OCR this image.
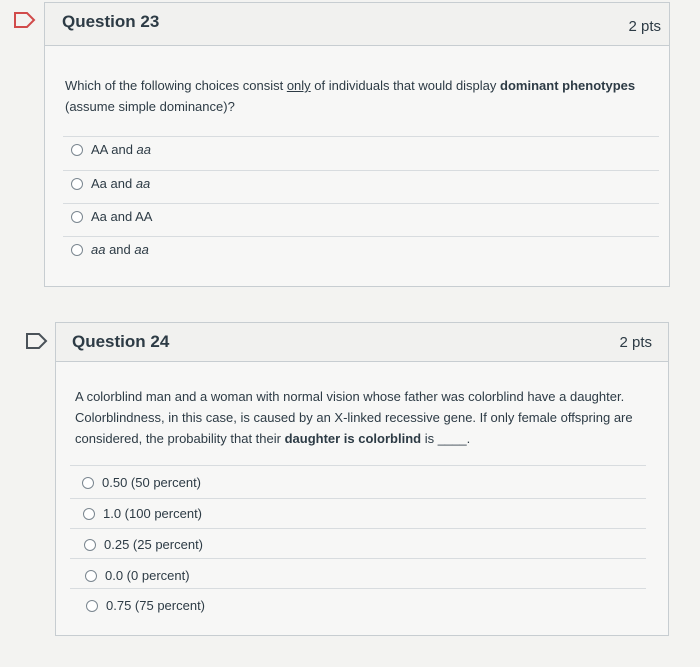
Question 23	2 pts
Which of the following choices consist only of individuals that would display dominant phenotypes (assume simple dominance)?
AA and aa
Aa and aa
Aa and AA
aa and aa
Question 24	2 pts
A colorblind man and a woman with normal vision whose father was colorblind have a daughter. Colorblindness, in this case, is caused by an X-linked recessive gene. If only female offspring are considered, the probability that their daughter is colorblind is ____.
0.50 (50 percent)
1.0 (100 percent)
0.25 (25 percent)
0.0 (0 percent)
0.75 (75 percent)
